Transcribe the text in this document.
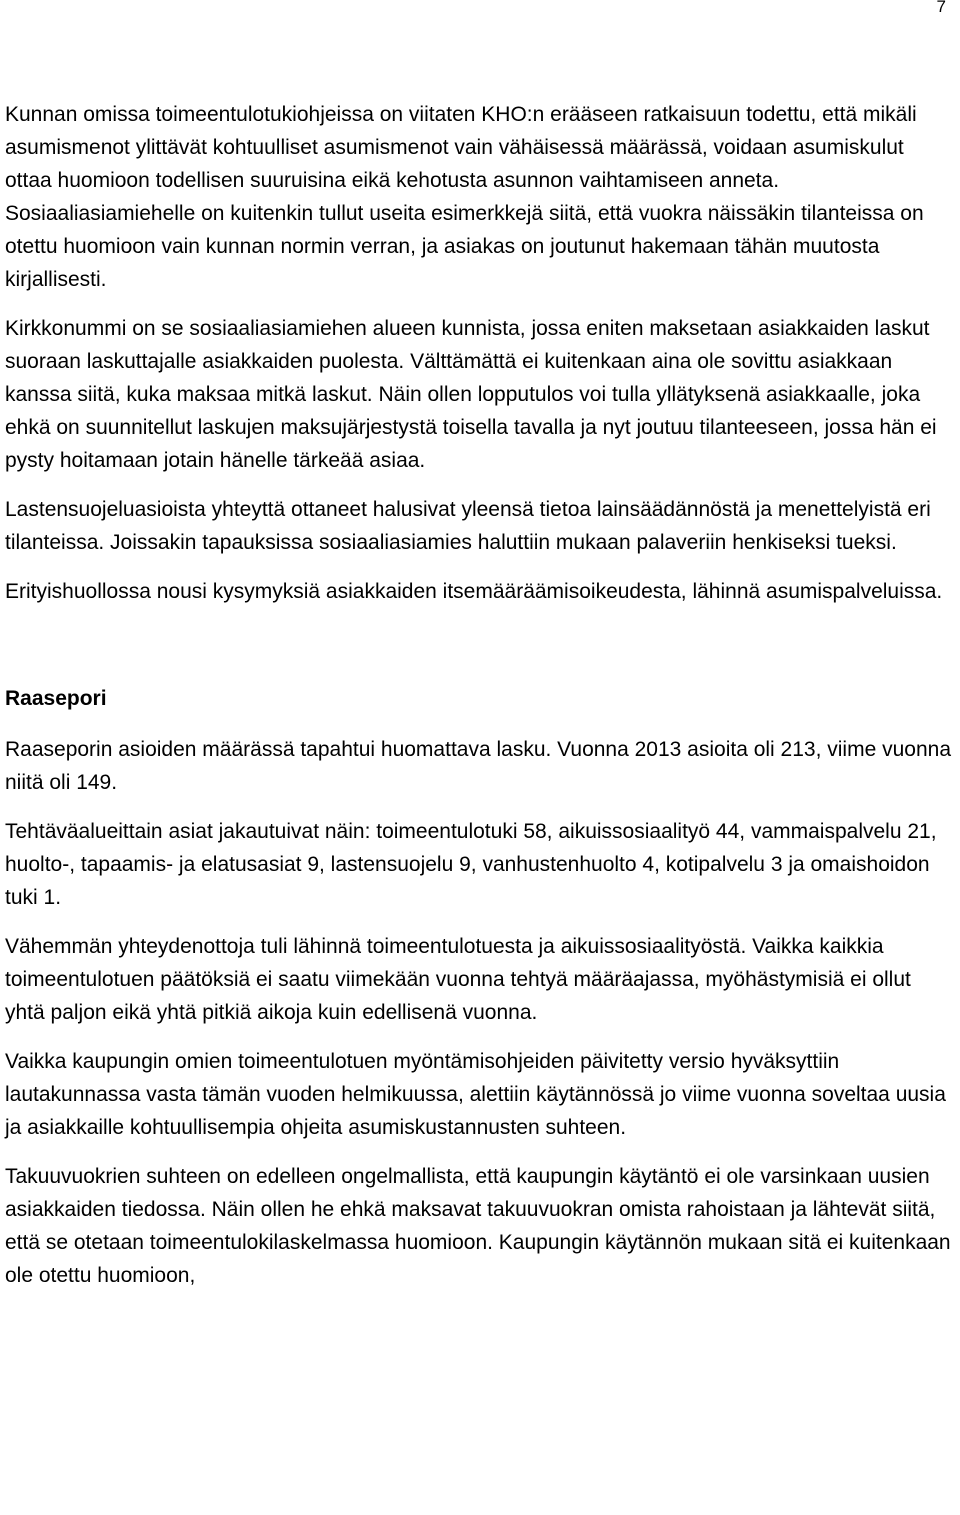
7

Kunnan omissa toimeentulotukiohjeissa on viitaten KHO:n erääseen ratkaisuun todettu, että mikäli asumismenot ylittävät kohtuulliset asumismenot vain vähäisessä määrässä, voidaan asumiskulut ottaa huomioon todellisen suuruisina eikä kehotusta asunnon vaihtamiseen anneta. Sosiaaliasiamiehelle on kuitenkin tullut useita esimerkkejä siitä, että vuokra näissäkin tilanteissa on otettu huomioon vain kunnan normin verran, ja asiakas on joutunut hakemaan tähän muutosta kirjallisesti.

Kirkkonummi on se sosiaaliasiamiehen alueen kunnista, jossa eniten maksetaan asiakkaiden laskut suoraan laskuttajalle asiakkaiden puolesta. Välttämättä ei kuitenkaan aina ole sovittu asiakkaan kanssa siitä, kuka maksaa mitkä laskut. Näin ollen lopputulos voi tulla yllätyksenä asiakkaalle, joka ehkä on suunnitellut laskujen maksujärjestystä toisella tavalla ja nyt joutuu tilanteeseen, jossa hän ei pysty hoitamaan jotain hänelle tärkeää asiaa.

Lastensuojeluasioista yhteyttä ottaneet halusivat yleensä tietoa lainsäädännöstä ja menettelyistä eri tilanteissa. Joissakin tapauksissa sosiaaliasiamies haluttiin mukaan palaveriin henkiseksi tueksi.

Erityishuollossa nousi kysymyksiä asiakkaiden itsemääräämisoikeudesta, lähinnä asumispalveluissa.

Raasepori

Raaseporin asioiden määrässä tapahtui huomattava lasku. Vuonna 2013 asioita oli 213, viime vuonna niitä oli 149.

Tehtäväalueittain asiat jakautuivat näin: toimeentulotuki 58, aikuissosiaalityö 44, vammaispalvelu 21, huolto-, tapaamis- ja elatusasiat 9, lastensuojelu 9, vanhustenhuolto 4, kotipalvelu 3 ja omaishoidon tuki 1.

Vähemmän yhteydenottoja tuli lähinnä toimeentulotuesta ja aikuissosiaalityöstä. Vaikka kaikkia toimeentulotuen päätöksiä ei saatu viimekään vuonna tehtyä määräajassa, myöhästymisiä ei ollut yhtä paljon eikä yhtä pitkiä aikoja kuin edellisenä vuonna.

Vaikka kaupungin omien toimeentulotuen myöntämisohjeiden päivitetty versio hyväksyttiin lautakunnassa vasta tämän vuoden helmikuussa, alettiin käytännössä jo viime vuonna soveltaa uusia ja asiakkaille kohtuullisempia ohjeita asumiskustannusten suhteen.

Takuuvuokrien suhteen on edelleen ongelmallista, että kaupungin käytäntö ei ole varsinkaan uusien asiakkaiden tiedossa. Näin ollen he ehkä maksavat takuuvuokran omista rahoistaan ja lähtevät siitä, että se otetaan toimeentulokilaskelmassa huomioon. Kaupungin käytännön mukaan sitä ei kuitenkaan ole otettu huomioon,
